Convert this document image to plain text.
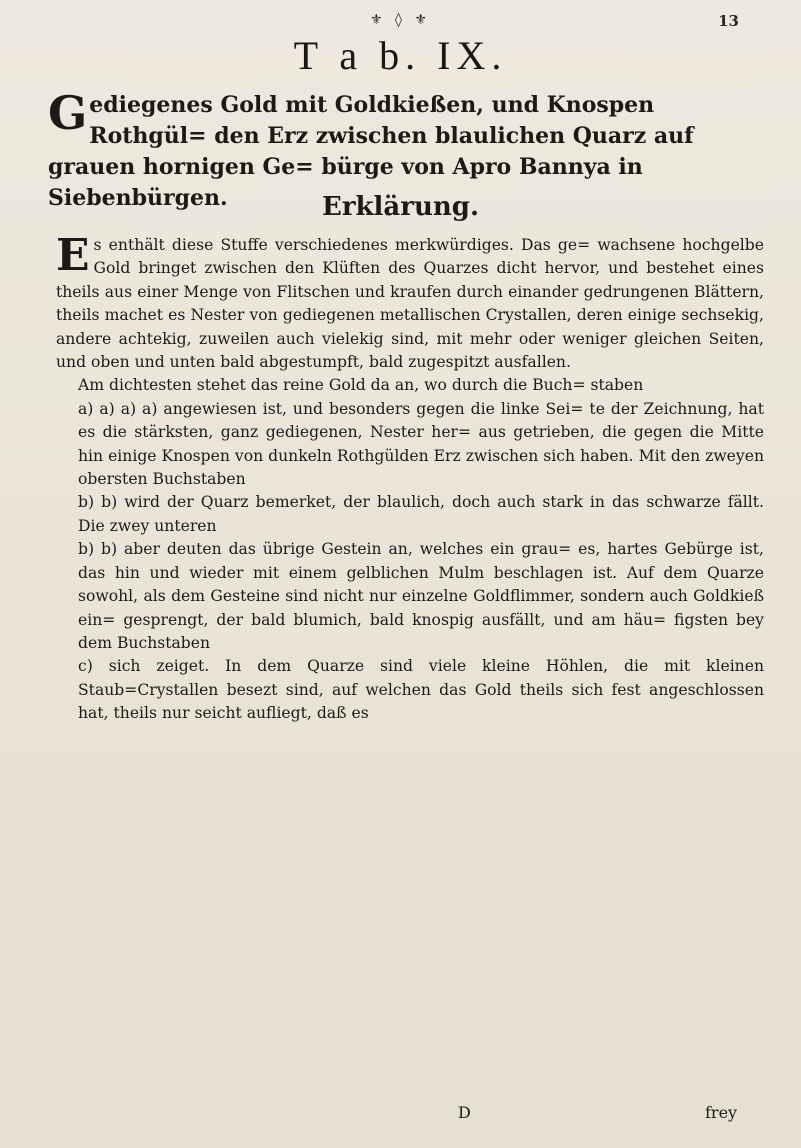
⚜ ◊ ⚜	13
T a b. IX.
Gediegenes Gold mit Goldkießen, und Knospen Rothgül= den Erz zwischen blaulichen Quarz auf grauen hornigen Ge= bürge von Apro Bannya in Siebenbürgen.	Erklärung.

Es enthält diese Stuffe verschiedenes merkwürdiges. Das ge= wachsene hochgelbe Gold bringet zwischen den Klüften des Quarzes dicht hervor, und bestehet eines theils aus einer Menge von Flitschen und kraufen durch einander gedrungenen Blättern, theils machet es Nester von gediegenen metallischen Crystallen, deren einige sechsekig, andere achtekig, zuweilen auch vielekig sind, mit mehr oder weniger gleichen Seiten, und oben und unten bald abgestumpft, bald zugespitzt ausfallen.

Am dichtesten stehet das reine Gold da an, wo durch die Buch= staben

a) a) a) a) angewiesen ist, und besonders gegen die linke Sei= te der Zeichnung, hat es die stärksten, ganz gediegenen, Nester her= aus getrieben, die gegen die Mitte hin einige Knospen von dunkeln Rothgülden Erz zwischen sich haben. Mit den zweyen obersten Buchstaben

b) b) wird der Quarz bemerket, der blaulich, doch auch stark in das schwarze fällt. Die zwey unteren

b) b) aber deuten das übrige Gestein an, welches ein grau= es, hartes Gebürge ist, das hin und wieder mit einem gelblichen Mulm beschlagen ist. Auf dem Quarze sowohl, als dem Gesteine sind nicht nur einzelne Goldflimmer, sondern auch Goldkieß ein= gesprengt, der bald blumich, bald knospig ausfällt, und am häu= figsten bey dem Buchstaben

c) sich zeiget. In dem Quarze sind viele kleine Höhlen, die mit kleinen Staub=Crystallen besezt sind, auf welchen das Gold theils sich fest angeschlossen hat, theils nur seicht aufliegt, daß es

D	frey
